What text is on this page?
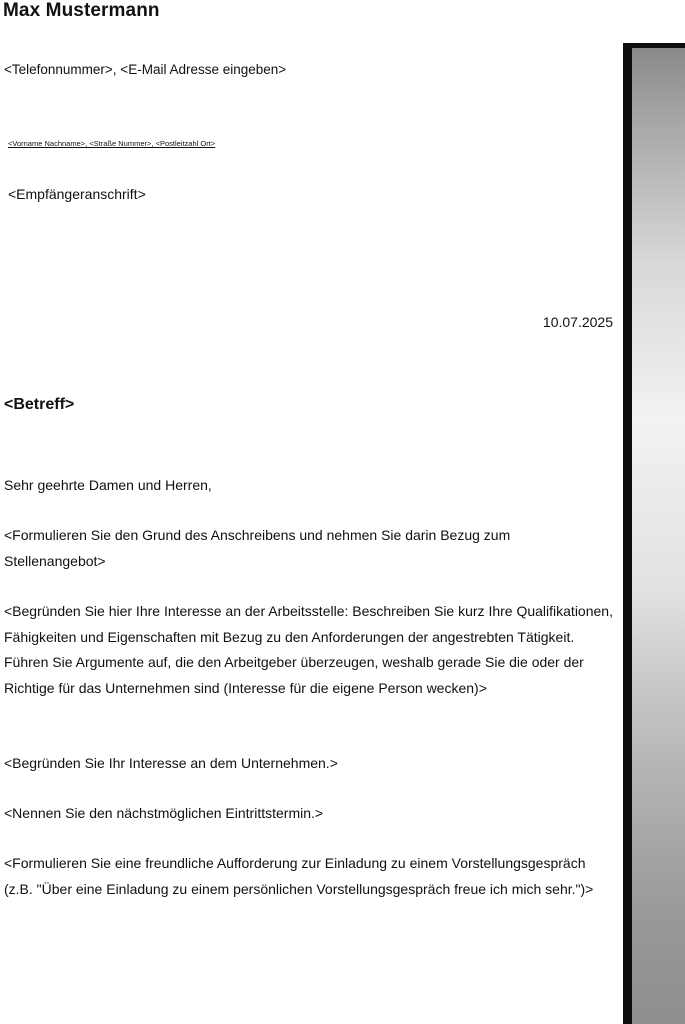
Max Mustermann
<Telefonnummer>, <E-Mail Adresse eingeben>
<Vorname Nachname>, <Straße Nummer>, <Postleitzahl Ort>
<Empfängeranschrift>
10.07.2025
<Betreff>

Sehr geehrte Damen und Herren,

<Formulieren Sie den Grund des Anschreibens und nehmen Sie darin Bezug zum Stellenangebot>

<Begründen Sie hier Ihre Interesse an der Arbeitsstelle: Beschreiben Sie kurz Ihre Qualifikationen, Fähigkeiten und Eigenschaften mit Bezug zu den Anforderungen der angestrebten Tätigkeit. Führen Sie Argumente auf, die den Arbeitgeber überzeugen, weshalb gerade Sie die oder der Richtige für das Unternehmen sind (Interesse für die eigene Person wecken)>

<Begründen Sie Ihr Interesse an dem Unternehmen.>

<Nennen Sie den nächstmöglichen Eintrittstermin.>

<Formulieren Sie eine freundliche Aufforderung zur Einladung zu einem Vorstellungsgespräch (z.B. "Über eine Einladung zu einem persönlichen Vorstellungsgespräch freue ich mich sehr.")>
